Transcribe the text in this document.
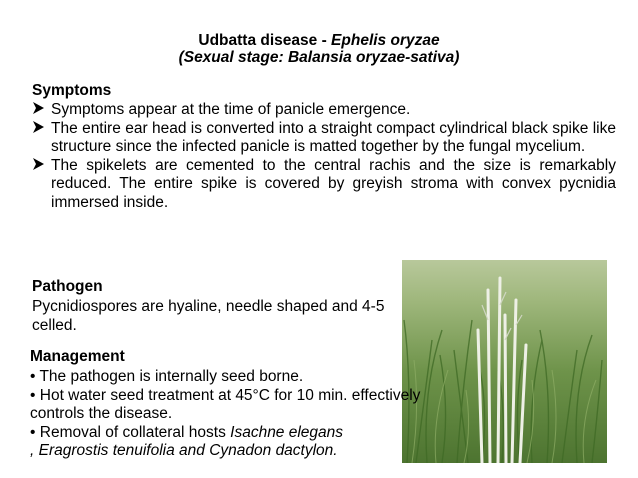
Udbatta disease - Ephelis oryzae
(Sexual stage: Balansia oryzae-sativa)
Symptoms
Symptoms appear at the time of panicle emergence.
The entire ear head is converted into a straight compact cylindrical black spike like structure since the infected panicle is matted together by the fungal mycelium.
The spikelets are cemented to the central rachis and the size is remarkably reduced. The entire spike is covered by greyish stroma with convex pycnidia immersed inside.
Pathogen
Pycnidiospores are hyaline, needle shaped and 4-5
celled.
Management
• The pathogen is internally seed borne.
• Hot water seed treatment at 45°C for 10 min. effectively
controls the disease.
• Removal of collateral hosts Isachne elegans
, Eragrostis tenuifolia and Cynadon dactylon.
